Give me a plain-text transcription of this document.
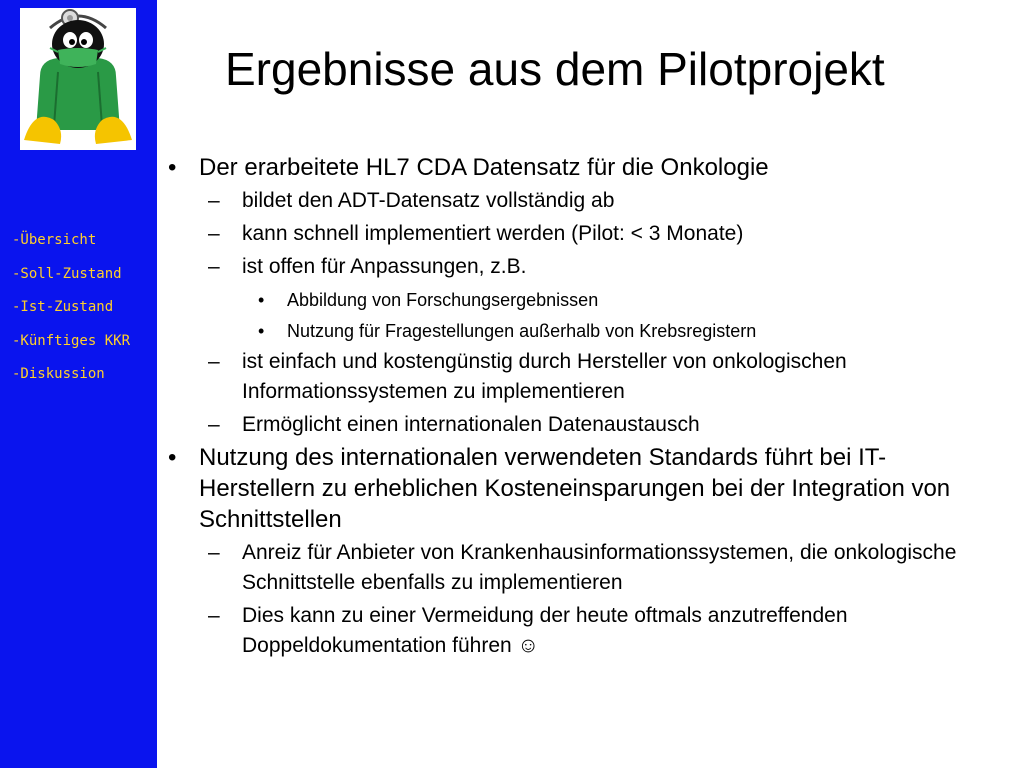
-Übersicht
-Soll-Zustand
-Ist-Zustand
-Künftiges KKR
-Diskussion
Ergebnisse aus dem Pilotprojekt
• Der erarbeitete HL7 CDA Datensatz für die Onkologie
– bildet den ADT-Datensatz vollständig ab
– kann schnell implementiert werden (Pilot: < 3 Monate)
– ist offen für Anpassungen, z.B.
• Abbildung von Forschungsergebnissen
• Nutzung für Fragestellungen außerhalb von Krebsregistern
– ist einfach und kostengünstig durch Hersteller von onkologischen Informationssystemen zu implementieren
– Ermöglicht einen internationalen Datenaustausch
• Nutzung des internationalen verwendeten Standards führt bei IT-Herstellern zu erheblichen Kosteneinsparungen bei der Integration von Schnittstellen
– Anreiz für Anbieter von Krankenhausinformationssystemen, die onkologische Schnittstelle ebenfalls zu implementieren
– Dies kann zu einer Vermeidung der heute oftmals anzutreffenden Doppeldokumentation führen ☺
